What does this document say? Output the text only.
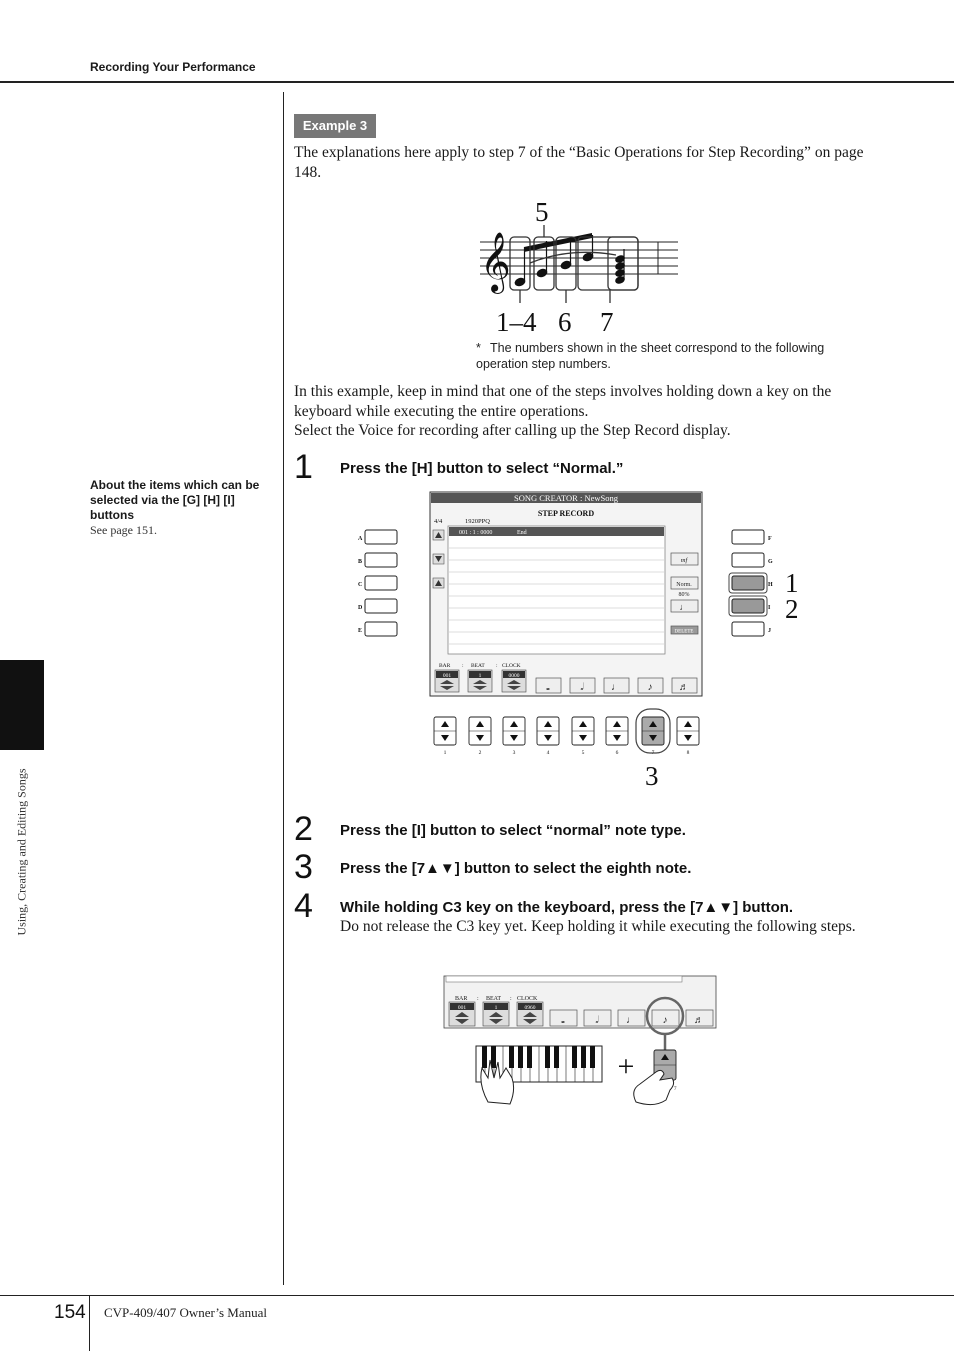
Recording Your Performance
Using, Creating and Editing Songs
Example 3
The explanations here apply to step 7 of the “Basic Operations for Step Recording” on page 148.
𝄞
5
1–4 6 7
* The numbers shown in the sheet correspond to the following operation step numbers.
In this example, keep in mind that one of the steps involves holding down a key on the keyboard while executing the entire operations.
Select the Voice for recording after calling up the Step Record display.
About the items which can be selected via the [G] [H] [I] buttons
See page 151.
1 Press the [H] button to select “Normal.”
SONG CREATOR : NewSong
STEP RECORD
4/4	1920PPQ
001 : 1 : 0000	End
mf
Norm.
80%
♩
DELETE
BAR : BEAT : CLOCK
001	1	0000
𝅝	𝅗𝅥	♩	♪	♬
A
B
C
D
E
F
G
H
I
J
1
2
1	2	3	4	5	6	7	8
3
2 Press the [I] button to select “normal” note type.
3 Press the [7▲▼] button to select the eighth note.
4 While holding C3 key on the keyboard, press the [7▲▼] button.
Do not release the C3 key yet. Keep holding it while executing the following steps.
BAR : BEAT : CLOCK
001	1	0960
𝅝	𝅗𝅥	♩	♪	♬
+
7
154 CVP-409/407 Owner’s Manual
